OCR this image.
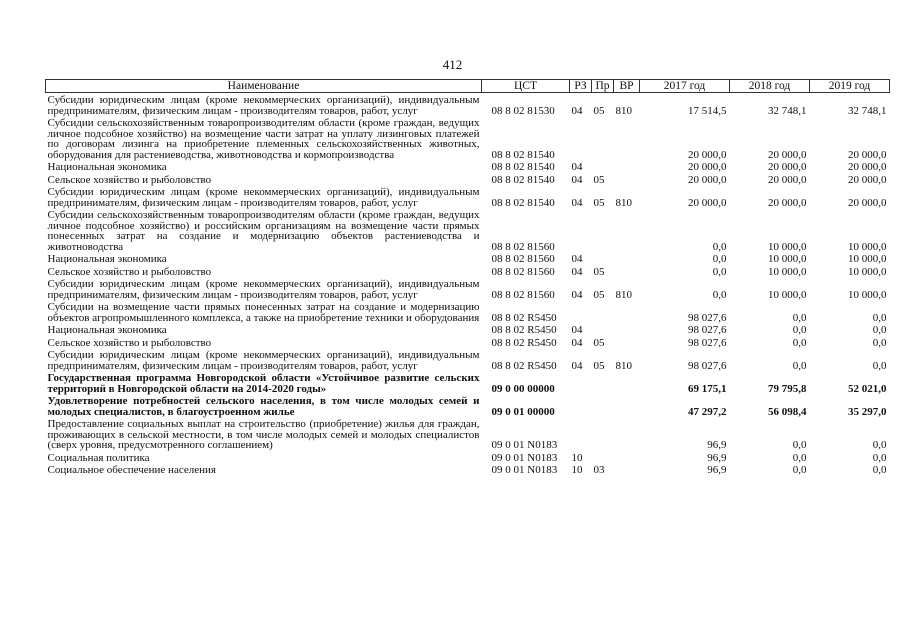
412
Наименование	ЦСТ	РЗ	Пр	ВР	2017 год	2018 год	2019 год
Субсидии юридическим лицам (кроме некоммерческих организаций), индивидуальным предпринимателям, физическим лицам - производителям товаров, работ, услуг	08 8 02 81530	04	05	810	17 514,5	32 748,1	32 748,1
Субсидии сельскохозяйственным товаропроизводителям области (кроме граждан, ведущих личное подсобное хозяйство) на возмещение части затрат на уплату лизинговых платежей по договорам лизинга на приобретение племенных сельскохозяйственных животных, оборудования для растениеводства, животноводства и кормопроизводства	08 8 02 81540				20 000,0	20 000,0	20 000,0
Национальная экономика	08 8 02 81540	04			20 000,0	20 000,0	20 000,0
Сельское хозяйство и рыболовство	08 8 02 81540	04	05		20 000,0	20 000,0	20 000,0
Субсидии юридическим лицам (кроме некоммерческих организаций), индивидуальным предпринимателям, физическим лицам - производителям товаров, работ, услуг	08 8 02 81540	04	05	810	20 000,0	20 000,0	20 000,0
Субсидии сельскохозяйственным товаропроизводителям области (кроме граждан, ведущих личное подсобное хозяйство) и российским организациям на возмещение части прямых понесенных затрат на создание и модернизацию объектов растениеводства и животноводства	08 8 02 81560				0,0	10 000,0	10 000,0
Национальная экономика	08 8 02 81560	04			0,0	10 000,0	10 000,0
Сельское хозяйство и рыболовство	08 8 02 81560	04	05		0,0	10 000,0	10 000,0
Субсидии юридическим лицам (кроме некоммерческих организаций), индивидуальным предпринимателям, физическим лицам - производителям товаров, работ, услуг	08 8 02 81560	04	05	810	0,0	10 000,0	10 000,0
Субсидии на возмещение части прямых понесенных затрат на создание и модернизацию объектов агропромышленного комплекса, а также на приобретение техники и оборудования	08 8 02 R5450				98 027,6	0,0	0,0
Национальная экономика	08 8 02 R5450	04			98 027,6	0,0	0,0
Сельское хозяйство и рыболовство	08 8 02 R5450	04	05		98 027,6	0,0	0,0
Субсидии юридическим лицам (кроме некоммерческих организаций), индивидуальным предпринимателям, физическим лицам - производителям товаров, работ, услуг	08 8 02 R5450	04	05	810	98 027,6	0,0	0,0
Государственная программа Новгородской области «Устойчивое развитие сельских территорий в Новгородской области на 2014-2020 годы»	09 0 00 00000				69 175,1	79 795,8	52 021,0
Удовлетворение потребностей сельского населения, в том числе молодых семей и молодых специалистов, в благоустроенном жилье	09 0 01 00000				47 297,2	56 098,4	35 297,0
Предоставление социальных выплат на строительство (приобретение) жилья для граждан, проживающих в сельской местности, в том числе молодых семей и молодых специалистов (сверх уровня, предусмотренного соглашением)	09 0 01 N0183				96,9	0,0	0,0
Социальная политика	09 0 01 N0183	10			96,9	0,0	0,0
Социальное обеспечение населения	09 0 01 N0183	10	03		96,9	0,0	0,0
